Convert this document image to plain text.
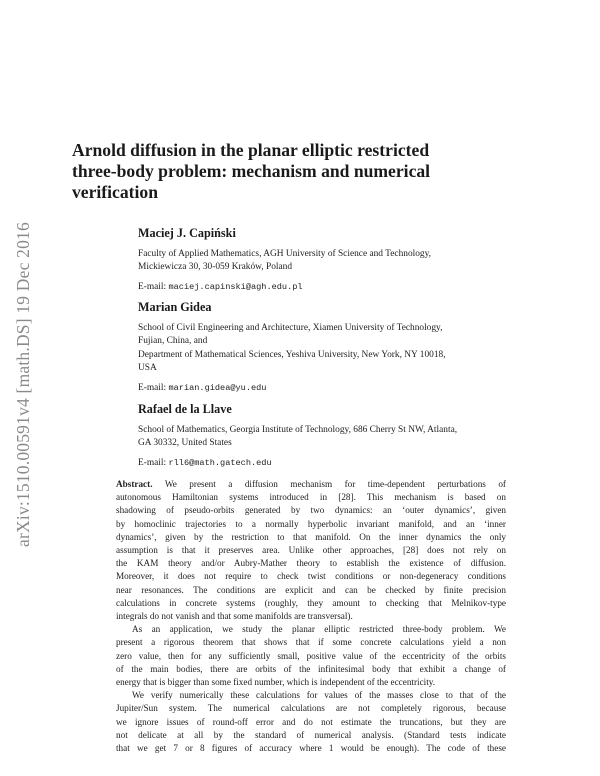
arXiv:1510.00591v4 [math.DS] 19 Dec 2016
Arnold diffusion in the planar elliptic restricted
three-body problem: mechanism and numerical
verification
Maciej J. Capiński
Faculty of Applied Mathematics, AGH University of Science and Technology,
Mickiewicza 30, 30-059 Kraków, Poland
E-mail: maciej.capinski@agh.edu.pl
Marian Gidea
School of Civil Engineering and Architecture, Xiamen University of Technology,
Fujian, China, and
Department of Mathematical Sciences, Yeshiva University, New York, NY 10018,
USA
E-mail: marian.gidea@yu.edu
Rafael de la Llave
School of Mathematics, Georgia Institute of Technology, 686 Cherry St NW, Atlanta,
GA 30332, United States
E-mail: rll6@math.gatech.edu
Abstract. We present a diffusion mechanism for time-dependent perturbations of
autonomous Hamiltonian systems introduced in [28]. This mechanism is based on
shadowing of pseudo-orbits generated by two dynamics: an ‘outer dynamics’, given
by homoclinic trajectories to a normally hyperbolic invariant manifold, and an ‘inner
dynamics’, given by the restriction to that manifold. On the inner dynamics the only
assumption is that it preserves area. Unlike other approaches, [28] does not rely on
the KAM theory and/or Aubry-Mather theory to establish the existence of diffusion.
Moreover, it does not require to check twist conditions or non-degeneracy conditions
near resonances. The conditions are explicit and can be checked by finite precision
calculations in concrete systems (roughly, they amount to checking that Melnikov-type
integrals do not vanish and that some manifolds are transversal).
As an application, we study the planar elliptic restricted three-body problem. We
present a rigorous theorem that shows that if some concrete calculations yield a non
zero value, then for any sufficiently small, positive value of the eccentricity of the orbits
of the main bodies, there are orbits of the infinitesimal body that exhibit a change of
energy that is bigger than some fixed number, which is independent of the eccentricity.
We verify numerically these calculations for values of the masses close to that of the
Jupiter/Sun system. The numerical calculations are not completely rigorous, because
we ignore issues of round-off error and do not estimate the truncations, but they are
not delicate at all by the standard of numerical analysis. (Standard tests indicate
that we get 7 or 8 figures of accuracy where 1 would be enough). The code of these
